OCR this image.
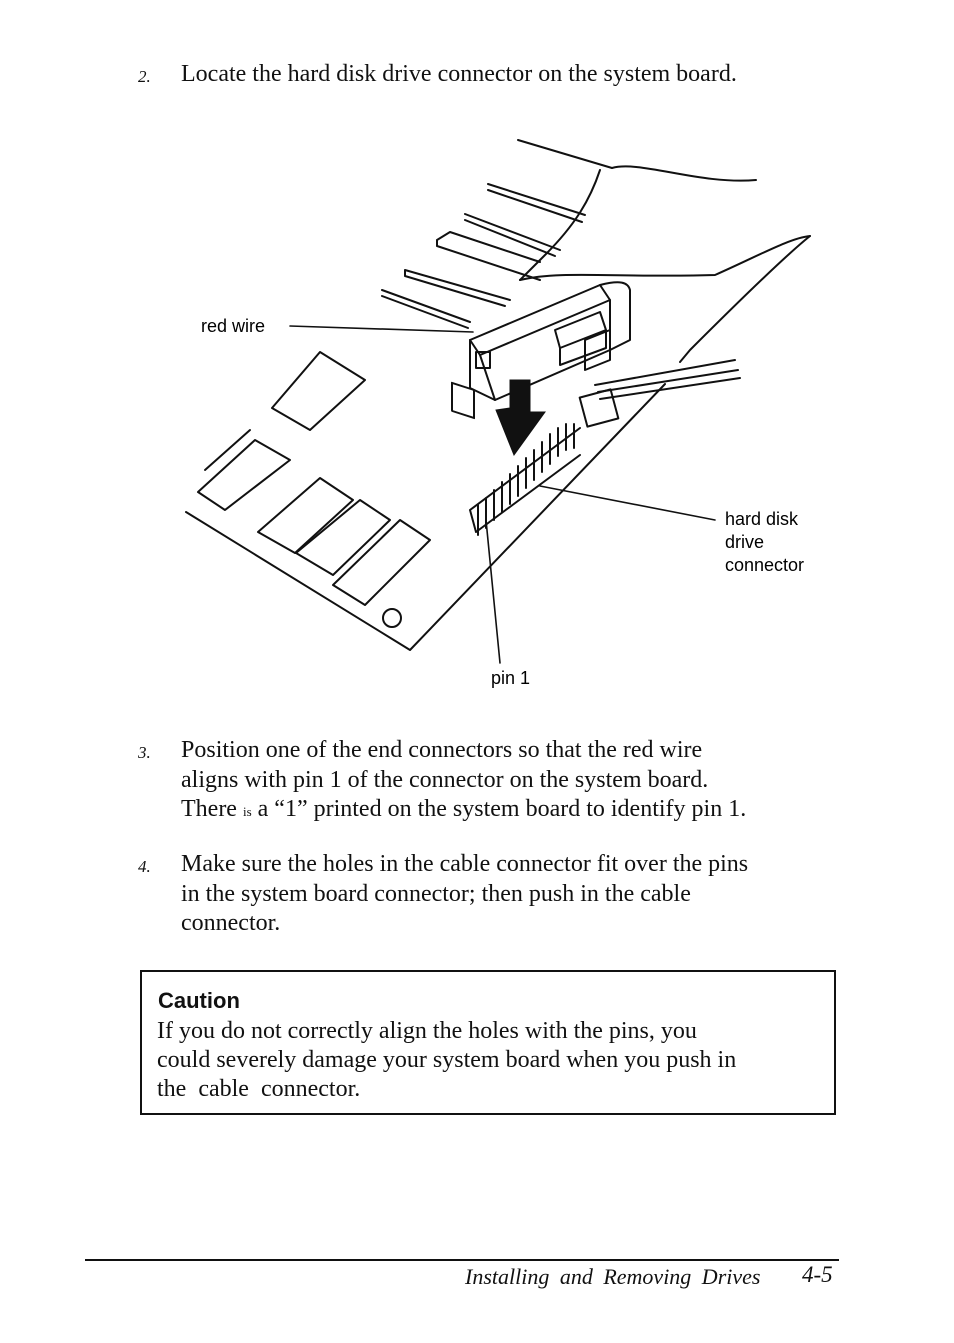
2. Locate the hard disk drive connector on the system board.
red wire
hard disk
drive
connector
pin 1
3. Position one of the end connectors so that the red wire
aligns with pin 1 of the connector on the system board.
There is a “1” printed on the system board to identify pin 1.
4. Make sure the holes in the cable connector fit over the pins
in the system board connector; then push in the cable
connector.
Caution
If you do not correctly align the holes with the pins, you
could severely damage your system board when you push in
the  cable  connector.
Installing and Removing Drives 4-5
